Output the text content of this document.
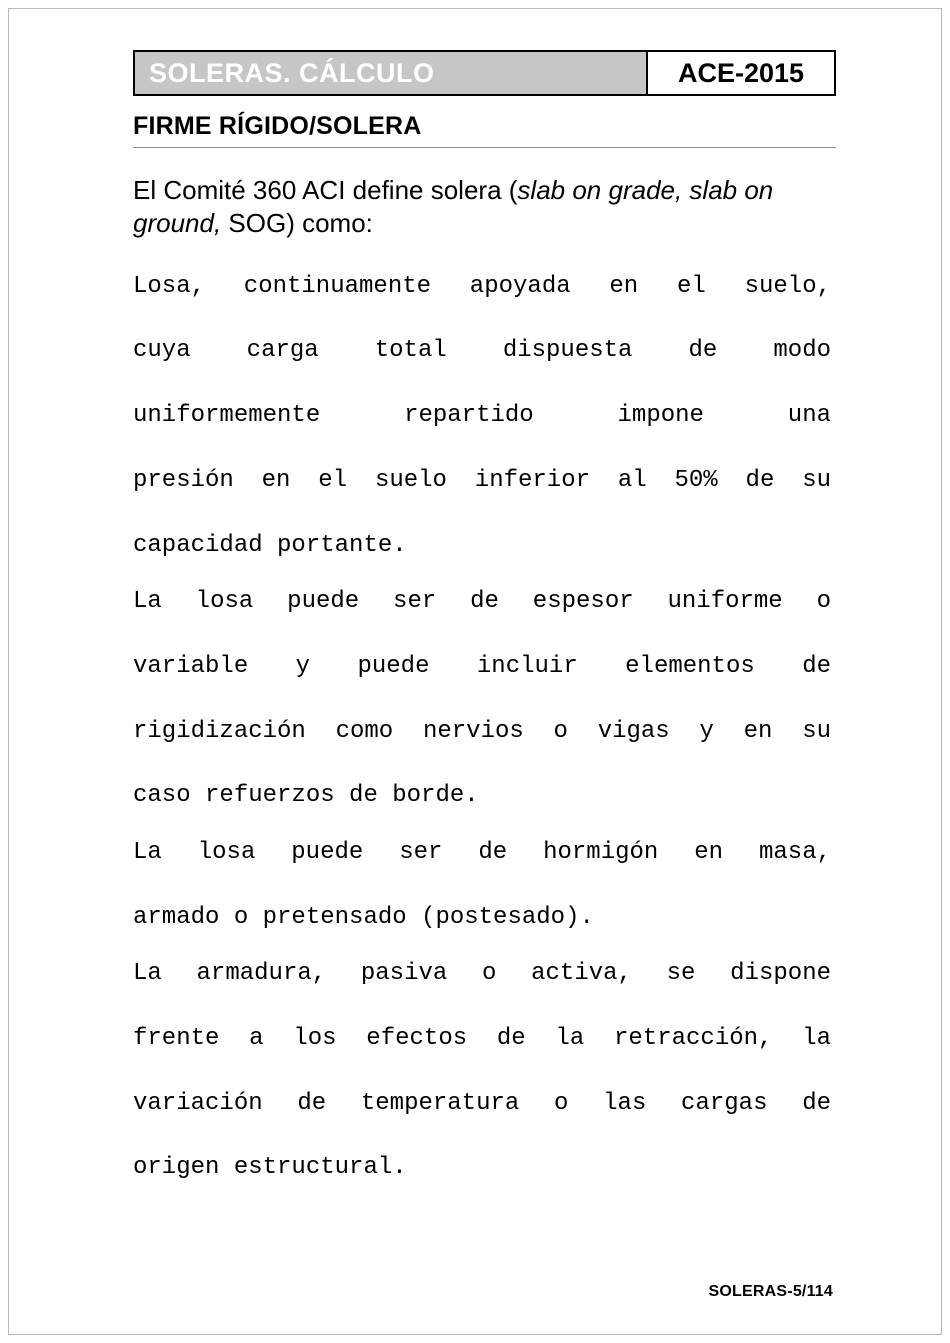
SOLERAS. CÁLCULO	ACE-2015
FIRME RÍGIDO/SOLERA
El Comité 360 ACI define solera (slab on grade, slab on ground, SOG) como:
Losa, continuamente apoyada en el suelo,
cuya carga total dispuesta de modo
uniformemente repartido impone una
presión en el suelo inferior al 50% de su
capacidad portante.
La losa puede ser de espesor uniforme o
variable y puede incluir elementos de
rigidización como nervios o vigas y en su
caso refuerzos de borde.
La losa puede ser de hormigón en masa,
armado o pretensado (postesado).
La armadura, pasiva o activa, se dispone
frente a los efectos de la retracción, la
variación de temperatura o las cargas de
origen estructural.
SOLERAS-5/114
